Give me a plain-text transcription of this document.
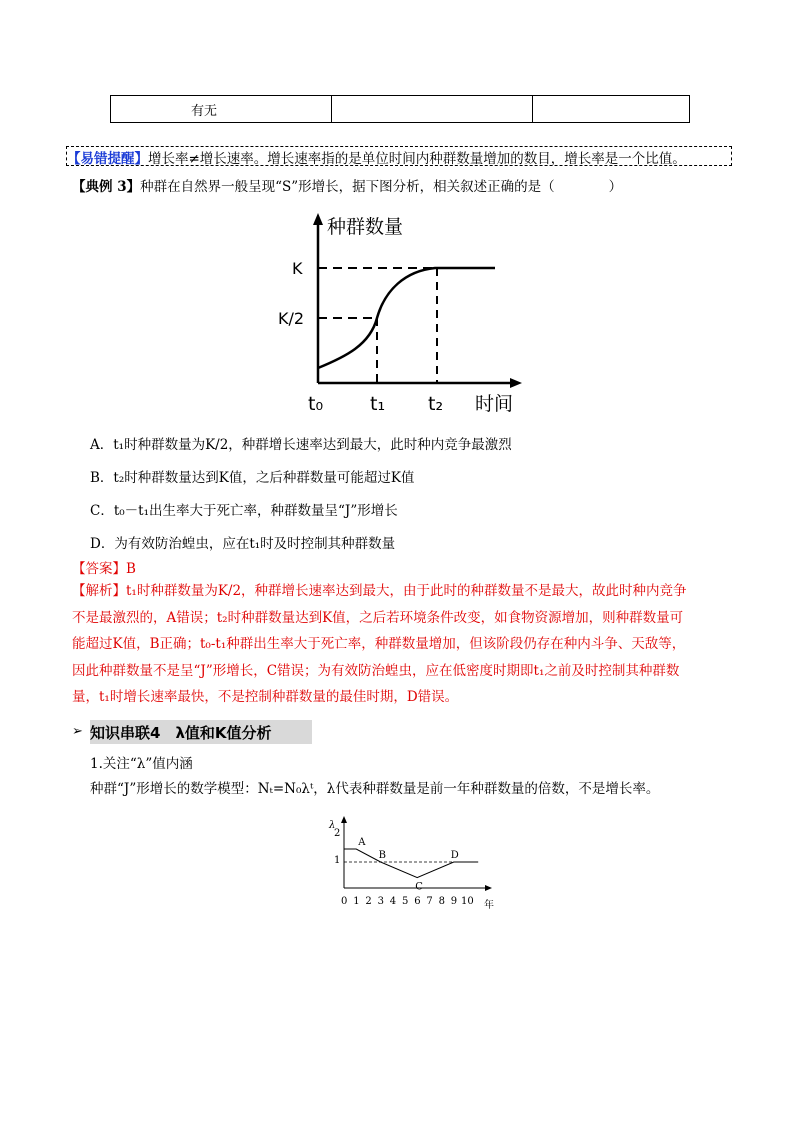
有无		
【易错提醒】增长率≠增长速率。增长速率指的是单位时间内种群数量增加的数目，增长率是一个比值。
【典例 3】种群在自然界一般呈现“S”形增长，据下图分析，相关叙述正确的是（　　　　）
种群数量
K
K/2
t₀ t₁ t₂ 时间
A．t₁时种群数量为K/2，种群增长速率达到最大，此时种内竞争最激烈
B．t₂时种群数量达到K值，之后种群数量可能超过K值
C．t₀－t₁出生率大于死亡率，种群数量呈“J”形增长
D．为有效防治蝗虫，应在t₁时及时控制其种群数量
【答案】B
【解析】t₁时种群数量为K/2，种群增长速率达到最大，由于此时的种群数量不是最大，故此时种内竞争
不是最激烈的，A错误；t₂时种群数量达到K值，之后若环境条件改变，如食物资源增加，则种群数量可
能超过K值，B正确；t₀-t₁种群出生率大于死亡率，种群数量增加，但该阶段仍存在种内斗争、天敌等，
因此种群数量不是呈“J”形增长，C错误；为有效防治蝗虫，应在低密度时期即t₁之前及时控制其种群数
量，t₁时增长速率最快，不是控制种群数量的最佳时期，D错误。
➢ 知识串联4　λ值和K值分析
1.关注“λ”值内涵
种群“J”形增长的数学模型：Nₜ=N₀λᵗ，λ代表种群数量是前一年种群数量的倍数，不是增长率。
λ
2
1
0 1 2 3 4 5 6 7 8 9 10
A
B
C
D
年
